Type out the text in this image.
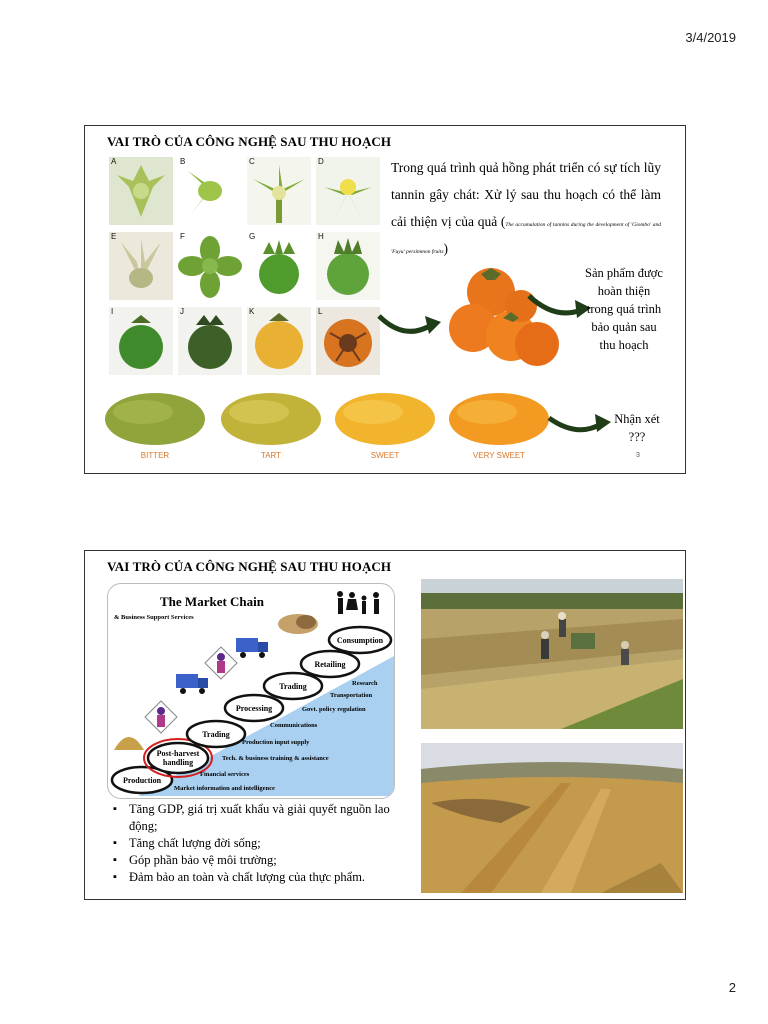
3/4/2019
VAI TRÒ CỦA CÔNG NGHỆ SAU THU HOẠCH
A	B	C	D
E	F	G	H
I	J	K	L
Trong quá trình quả hồng phát triển có sự tích lũy tannin gây chát: Xử lý sau thu hoạch có thể làm cải thiện vị của quả (The accumulation of tannins during the development of 'Giombo' and 'Fuyu' persimmon fruits)
Sản phẩm được hoàn thiện trong quá trình bảo quản sau thu hoạch
BITTER	TART	SWEET	VERY SWEET
Nhận xét ???
3
VAI TRÒ CỦA CÔNG NGHỆ SAU THU HOẠCH
The Market Chain
& Business Support Services
Production
Post-harvest handling
Trading
Processing
Trading
Retailing
Consumption
Research
Transportation
Govt. policy regulation
Communications
Production input supply
Tech. & business training & assistance
Financial services
Market information and intelligence
▪ Tăng GDP, giá trị xuất khẩu và giải quyết nguồn lao động;
▪ Tăng chất lượng đời sống;
▪ Góp phần bảo vệ môi trường;
▪ Đảm bảo an toàn và chất lượng của thực phẩm.
2
